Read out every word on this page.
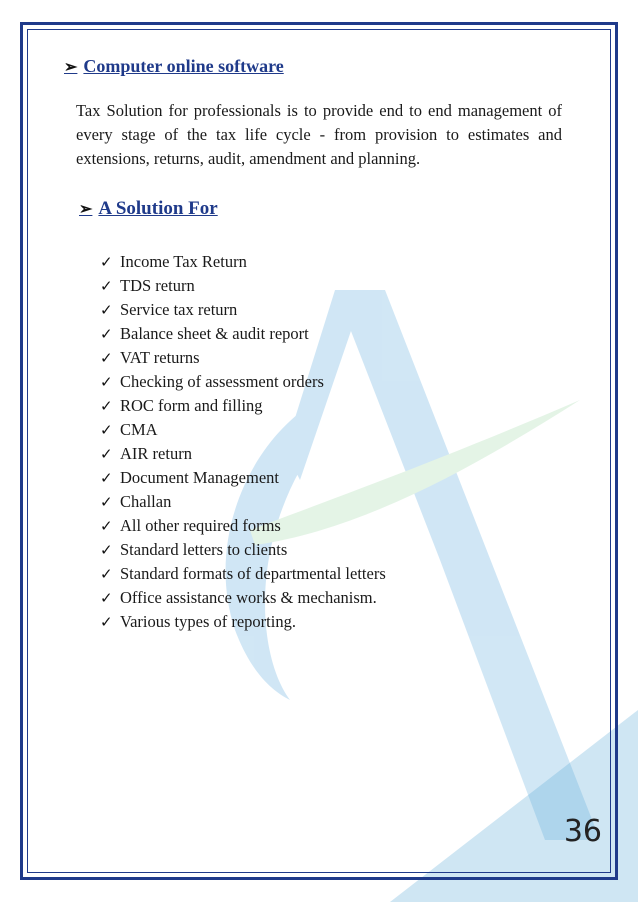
➢ Computer online software
Tax Solution for professionals is to provide end to end management of every stage of the tax life cycle - from provision to estimates and extensions, returns, audit, amendment and planning.
➢ A Solution For
✓ Income Tax Return
✓ TDS return
✓ Service tax return
✓ Balance sheet & audit report
✓ VAT returns
✓ Checking of assessment orders
✓ ROC form and filling
✓ CMA
✓ AIR return
✓ Document Management
✓ Challan
✓ All other required forms
✓ Standard letters to clients
✓ Standard formats of departmental letters
✓ Office assistance works & mechanism.
✓ Various types of reporting.
36
